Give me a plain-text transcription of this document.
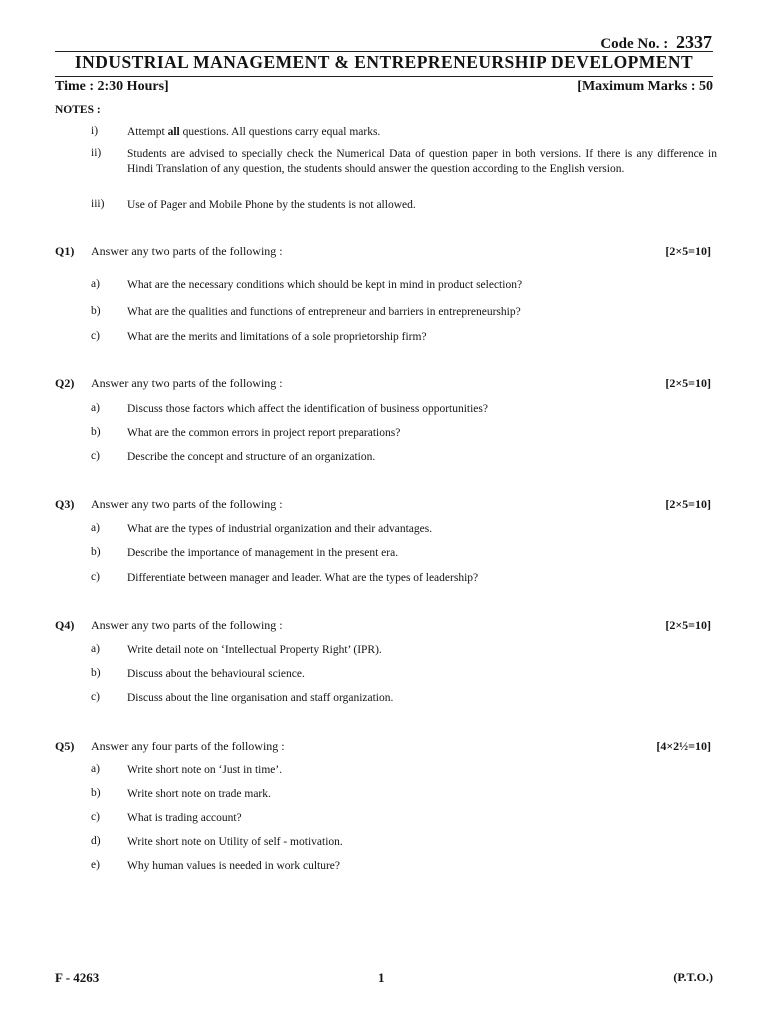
Code No. : 2337
INDUSTRIAL MANAGEMENT & ENTREPRENEURSHIP DEVELOPMENT
Time : 2:30 Hours]	[Maximum Marks : 50
NOTES :
i)	Attempt all questions. All questions carry equal marks.
ii) Students are advised to specially check the Numerical Data of question paper in both versions. If there is any difference in Hindi Translation of any question, the students should answer the question according to the English version.
iii) Use of Pager and Mobile Phone by the students is not allowed.
Q1) Answer any two parts of the following :	[2×5=10]
a) What are the necessary conditions which should be kept in mind in product selection?
b) What are the qualities and functions of entrepreneur and barriers in entrepreneurship?
c) What are the merits and limitations of a sole proprietorship firm?
Q2) Answer any two parts of the following :	[2×5=10]
a) Discuss those factors which affect the identification of business opportunities?
b) What are the common errors in project report preparations?
c) Describe the concept and structure of an organization.
Q3) Answer any two parts of the following :	[2×5=10]
a) What are the types of industrial organization and their advantages.
b) Describe the importance of management in the present era.
c) Differentiate between manager and leader. What are the types of leadership?
Q4) Answer any two parts of the following :	[2×5=10]
a) Write detail note on ‘Intellectual Property Right’ (IPR).
b) Discuss about the behavioural science.
c) Discuss about the line organisation and staff organization.
Q5) Answer any four parts of the following :	[4×2½=10]
a) Write short note on ‘Just in time’.
b) Write short note on trade mark.
c) What is trading account?
d) Write short note on Utility of self - motivation.
e) Why human values is needed in work culture?
F - 4263	1	(P.T.O.)
